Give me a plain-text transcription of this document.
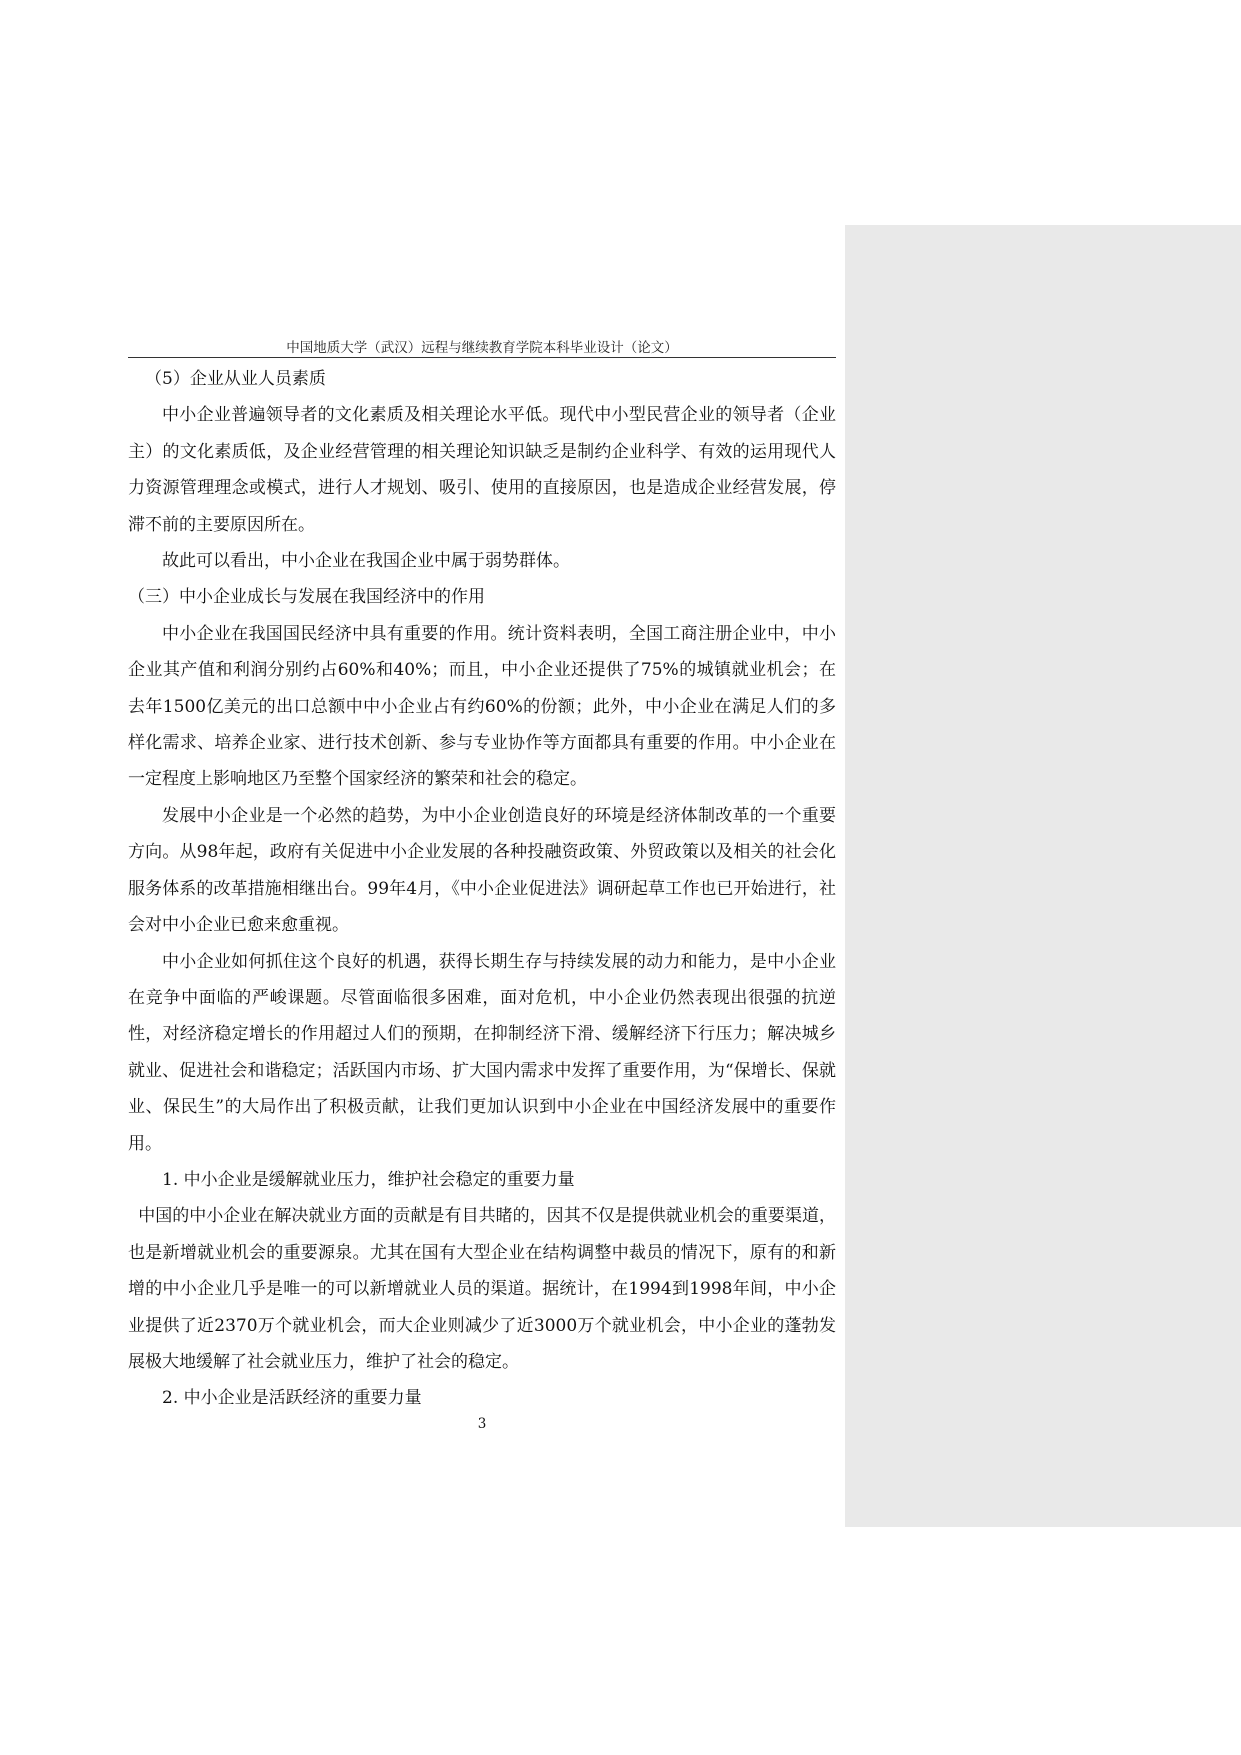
中国地质大学（武汉）远程与继续教育学院本科毕业设计（论文）

（5）企业从业人员素质

中小企业普遍领导者的文化素质及相关理论水平低。现代中小型民营企业的领导者（企业主）的文化素质低，及企业经营管理的相关理论知识缺乏是制约企业科学、有效的运用现代人力资源管理理念或模式，进行人才规划、吸引、使用的直接原因，也是造成企业经营发展，停滞不前的主要原因所在。

故此可以看出，中小企业在我国企业中属于弱势群体。

（三）中小企业成长与发展在我国经济中的作用

中小企业在我国国民经济中具有重要的作用。统计资料表明，全国工商注册企业中，中小企业其产值和利润分别约占60%和40%；而且，中小企业还提供了75%的城镇就业机会；在去年1500亿美元的出口总额中中小企业占有约60%的份额；此外，中小企业在满足人们的多样化需求、培养企业家、进行技术创新、参与专业协作等方面都具有重要的作用。中小企业在一定程度上影响地区乃至整个国家经济的繁荣和社会的稳定。

发展中小企业是一个必然的趋势，为中小企业创造良好的环境是经济体制改革的一个重要方向。从98年起，政府有关促进中小企业发展的各种投融资政策、外贸政策以及相关的社会化服务体系的改革措施相继出台。99年4月，《中小企业促进法》调研起草工作也已开始进行，社会对中小企业已愈来愈重视。

中小企业如何抓住这个良好的机遇，获得长期生存与持续发展的动力和能力，是中小企业在竞争中面临的严峻课题。尽管面临很多困难，面对危机，中小企业仍然表现出很强的抗逆性，对经济稳定增长的作用超过人们的预期，在抑制经济下滑、缓解经济下行压力；解决城乡就业、促进社会和谐稳定；活跃国内市场、扩大国内需求中发挥了重要作用，为“保增长、保就业、保民生”的大局作出了积极贡献，让我们更加认识到中小企业在中国经济发展中的重要作用。

1. 中小企业是缓解就业压力，维护社会稳定的重要力量

中国的中小企业在解决就业方面的贡献是有目共睹的，因其不仅是提供就业机会的重要渠道，也是新增就业机会的重要源泉。尤其在国有大型企业在结构调整中裁员的情况下，原有的和新增的中小企业几乎是唯一的可以新增就业人员的渠道。据统计，在1994到1998年间，中小企业提供了近2370万个就业机会，而大企业则减少了近3000万个就业机会，中小企业的蓬勃发展极大地缓解了社会就业压力，维护了社会的稳定。

2. 中小企业是活跃经济的重要力量

3
